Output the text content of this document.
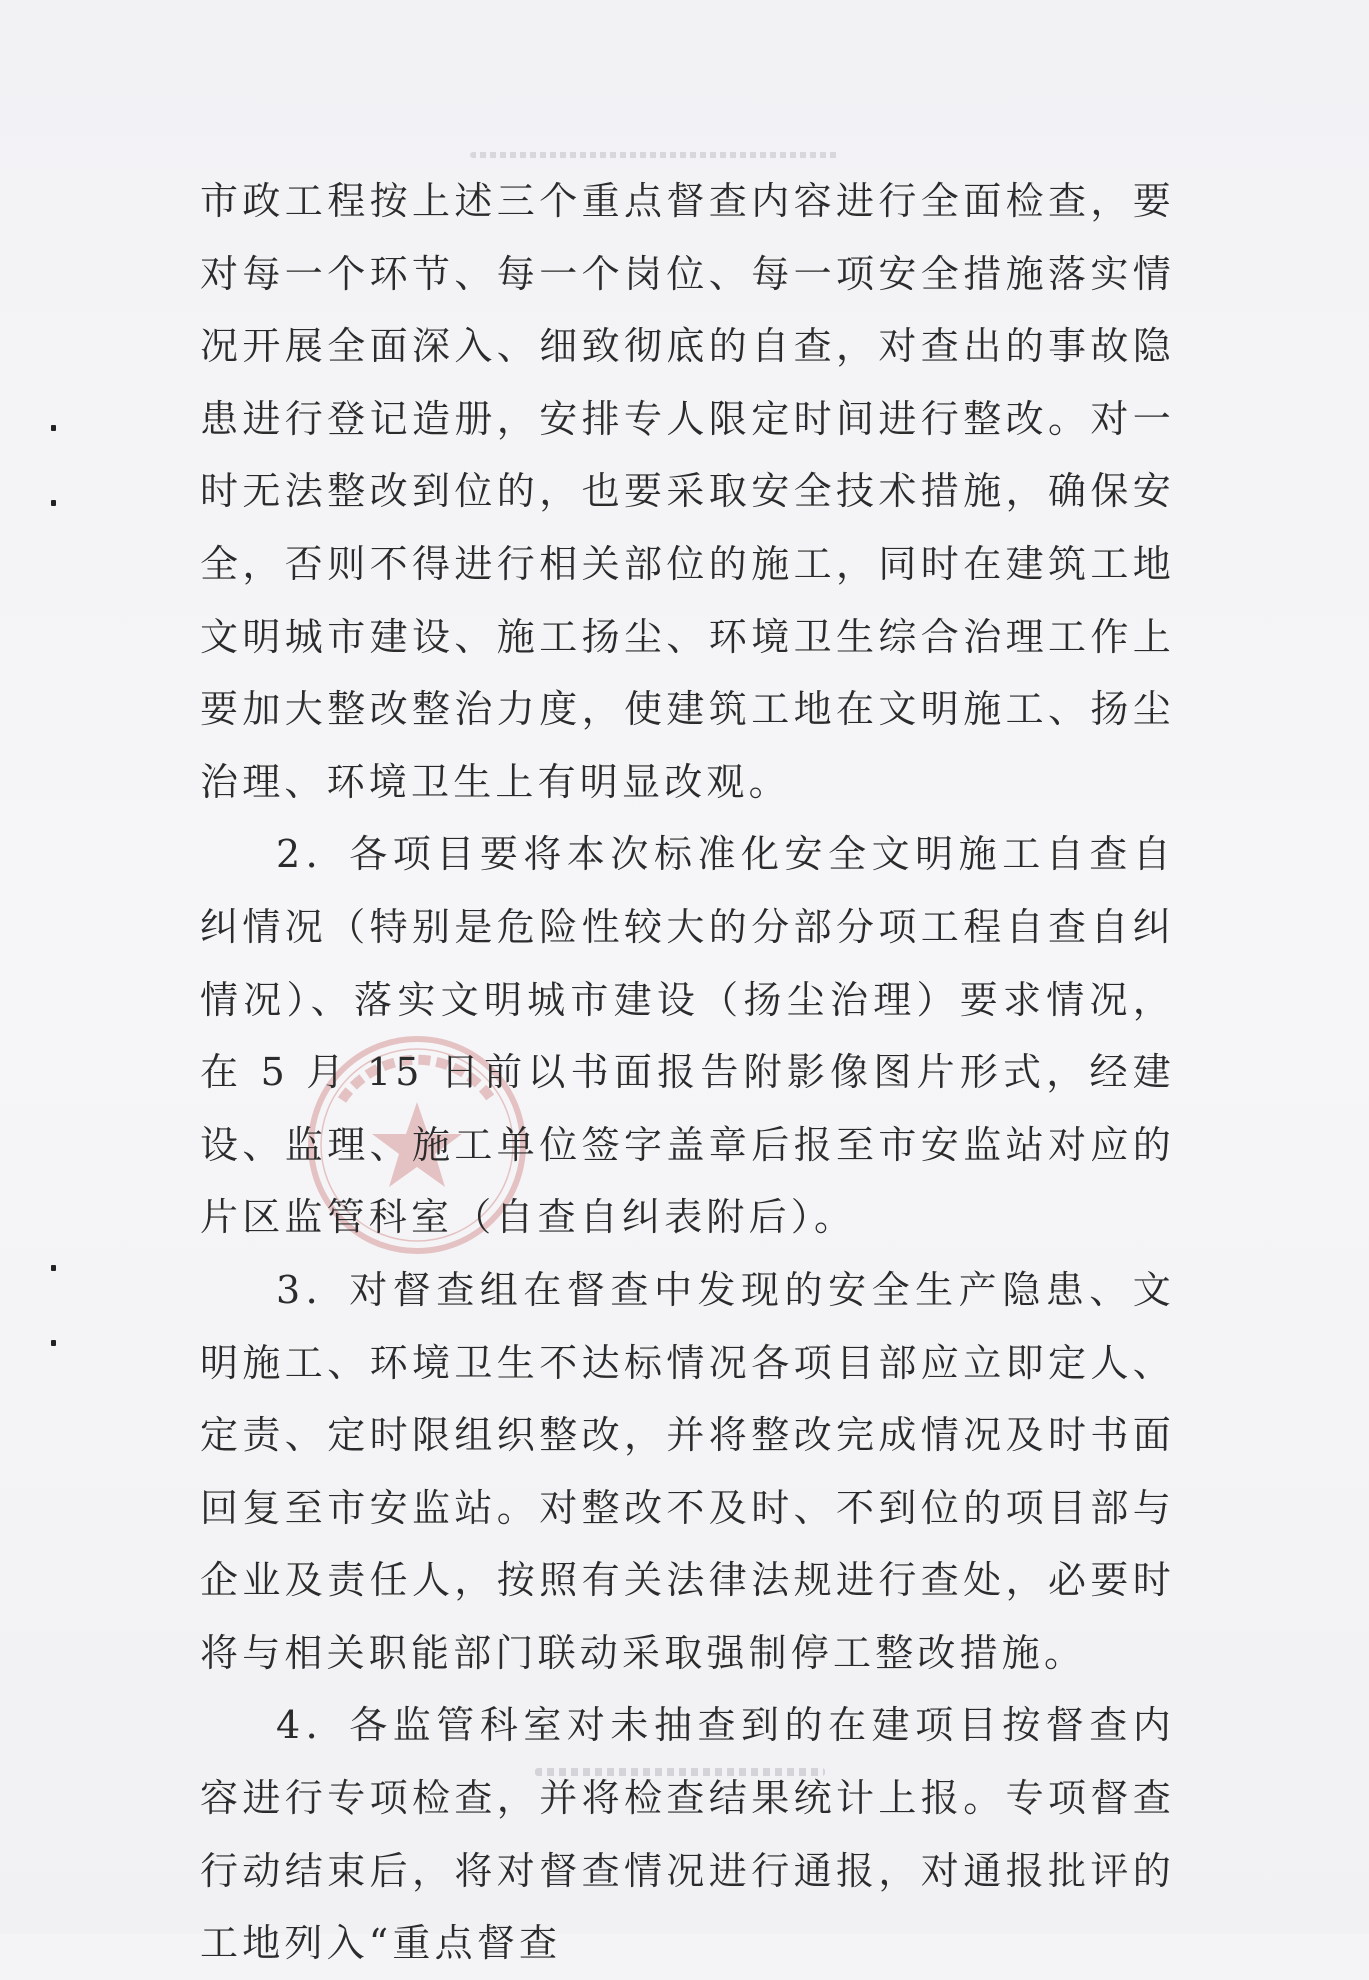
市政工程按上述三个重点督查内容进行全面检查，要对每一个环节、每一个岗位、每一项安全措施落实情况开展全面深入、细致彻底的自查，对查出的事故隐患进行登记造册，安排专人限定时间进行整改。对一时无法整改到位的，也要采取安全技术措施，确保安全，否则不得进行相关部位的施工，同时在建筑工地文明城市建设、施工扬尘、环境卫生综合治理工作上要加大整改整治力度，使建筑工地在文明施工、扬尘治理、环境卫生上有明显改观。

2．各项目要将本次标准化安全文明施工自查自纠情况（特别是危险性较大的分部分项工程自查自纠情况）、落实文明城市建设（扬尘治理）要求情况，在 5 月 15 日前以书面报告附影像图片形式，经建设、监理、施工单位签字盖章后报至市安监站对应的片区监管科室（自查自纠表附后）。

3．对督查组在督查中发现的安全生产隐患、文明施工、环境卫生不达标情况各项目部应立即定人、定责、定时限组织整改，并将整改完成情况及时书面回复至市安监站。对整改不及时、不到位的项目部与企业及责任人，按照有关法律法规进行查处，必要时将与相关职能部门联动采取强制停工整改措施。

4．各监管科室对未抽查到的在建项目按督查内容进行专项检查，并将检查结果统计上报。专项督查行动结束后，将对督查情况进行通报，对通报批评的工地列入“重点督查
